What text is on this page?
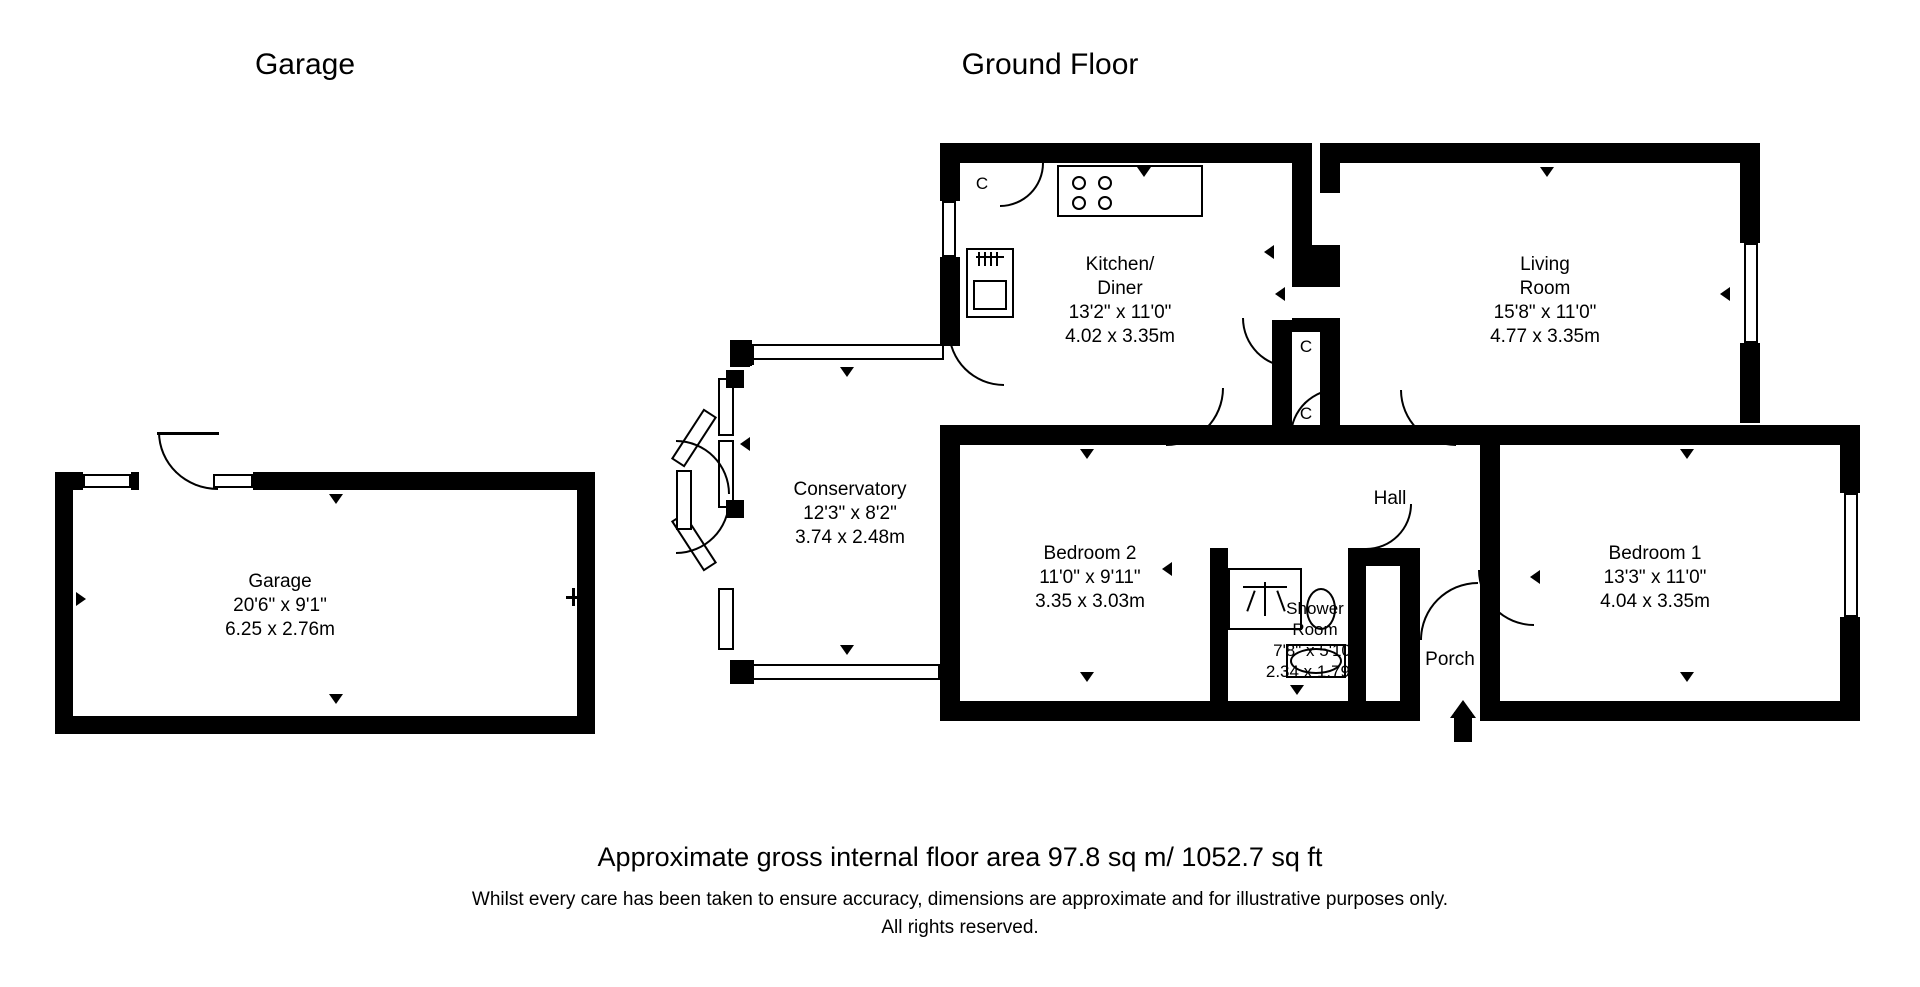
Garage	Ground Floor
Garage
20'6" x 9'1"
6.25 x 2.76m
Kitchen/
Diner
13'2" x 11'0"
4.02 x 3.35m
Living
Room
15'8" x 11'0"
4.77 x 3.35m
Conservatory
12'3" x 8'2"
3.74 x 2.48m
Bedroom 2
11'0" x 9'11"
3.35 x 3.03m
Bedroom 1
13'3" x 11'0"
4.04 x 3.35m
Shower
Room
7'8" x 5'10"
2.34 x 1.79m
Hall
Porch
C
C
C
Approximate gross internal floor area 97.8 sq m/ 1052.7 sq ft
Whilst every care has been taken to ensure accuracy, dimensions are approximate and for illustrative purposes only.
All rights reserved.
